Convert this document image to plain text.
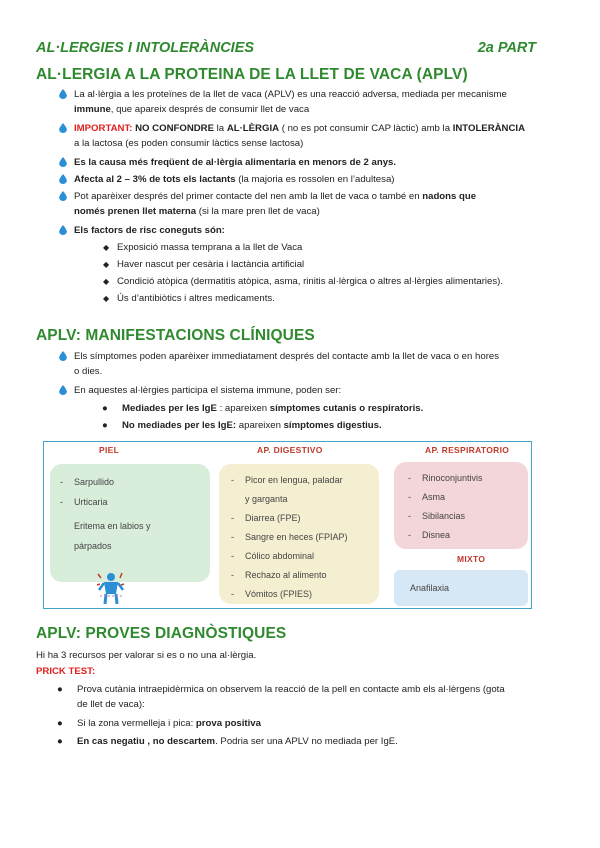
AL·LERGIES I INTOLERÀNCIES	2a PART
AL·LERGIA A LA PROTEINA DE LA LLET DE VACA (APLV)
La al·lèrgia a les proteïnes de la llet de vaca (APLV) es una reacció adversa, mediada per mecanisme
immune, que apareix després de consumir llet de vaca
IMPORTANT: NO CONFONDRE la AL·LÈRGIA ( no es pot consumir CAP làctic) amb la INTOLERÀNCIA
a la lactosa (es poden consumir làctics sense lactosa)
Es la causa més freqüent de al·lèrgia alimentaria en menors de 2 anys.
Afecta al 2 – 3% de tots els lactants (la majoria es rossolen en l’adultesa)
Pot aparèixer després del primer contacte del nen amb la llet de vaca o també en nadons que
només prenen llet materna (si la mare pren llet de vaca)
Els factors de risc coneguts són:
◆ Exposició massa temprana a la llet de Vaca
◆ Haver nascut per cesària i lactància artificial
◆ Condició atòpica (dermatitis atòpica, asma, rinitis al·lèrgica o altres al·lèrgies alimentaries).
◆ Ús d’antibiòtics i altres medicaments.
APLV: MANIFESTACIONS CLÍNIQUES
Els símptomes poden aparèixer immediatament després del contacte amb la llet de vaca o en hores
o dies.
En aquestes al·lèrgies participa el sistema immune, poden ser:
●	Mediades per les IgE : apareixen símptomes cutanis o respiratoris.
●	No mediades per les IgE: apareixen símptomes digestius.
PIEL
-	Sarpullido
-	Urticaria
Eritema en labios y
párpados
AP. DIGESTIVO
-	Picor en lengua, paladar
y garganta
-	Diarrea (FPE)
-	Sangre en heces (FPIAP)
-	Cólico abdominal
-	Rechazo al alimento
-	Vómitos (FPIES)
AP. RESPIRATORIO
-	Rinoconjuntivis
-	Asma
-	Sibilancias
-	Disnea
MIXTO
Anafilaxia
APLV: PROVES DIAGNÒSTIQUES
Hi ha 3 recursos per valorar si es o no una al·lèrgia.
PRICK TEST:
●	Prova cutània intraepidèrmica on observem la reacció de la pell en contacte amb els al·lèrgens (gota
de llet de vaca):
●	Si la zona vermelleja i pica: prova positiva
●	En cas negatiu , no descartem. Podria ser una APLV no mediada per IgE.
